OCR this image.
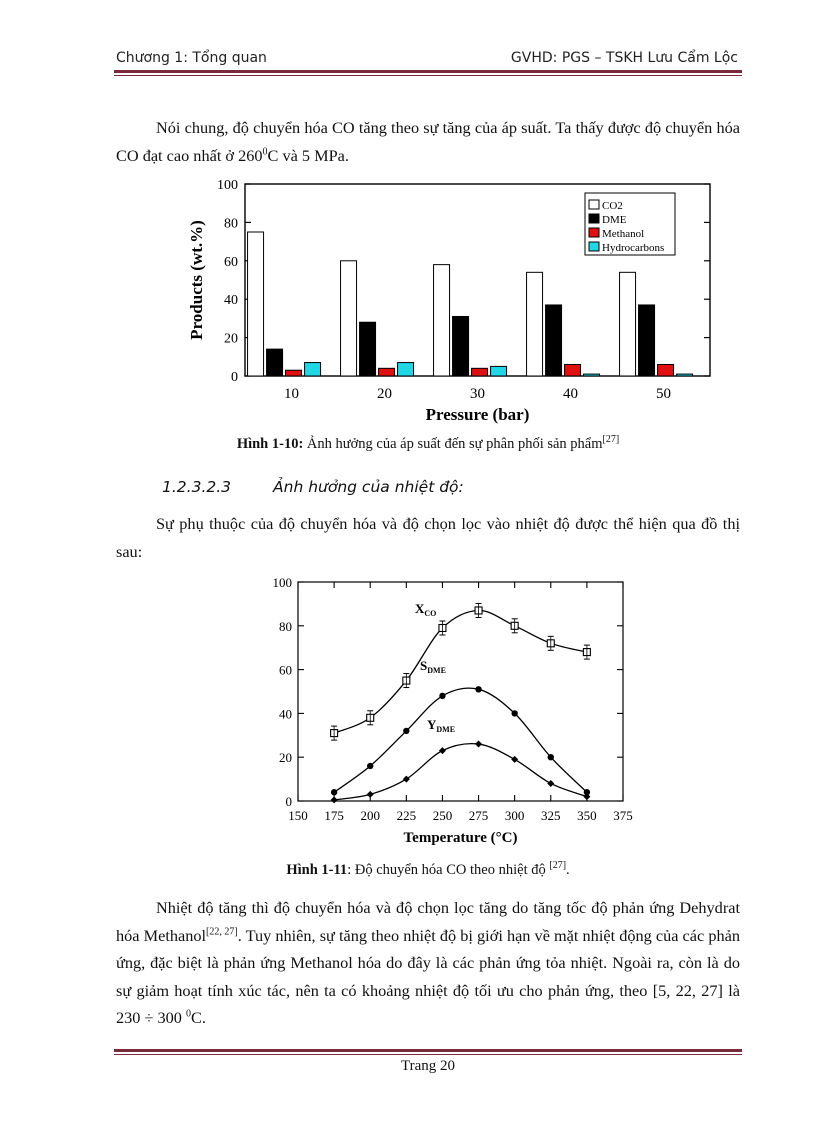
Chương 1: Tổng quan	GVHD: PGS – TSKH Lưu Cẩm Lộc

Nói chung, độ chuyển hóa CO tăng theo sự tăng của áp suất. Ta thấy được độ chuyển hóa CO đạt cao nhất ở $260^0C$ và 5 MPa.

0
20
40
60
80
100
10	20	30	40	50
Pressure (bar)
Products (wt.%)
CO2
DME
Methanol
Hydrocarbons
Hình 1-10: Ảnh hưởng của áp suất đến sự phân phối sản phẩm[27]
1.2.3.2.3	Ảnh hưởng của nhiệt độ:

Sự phụ thuộc của độ chuyển hóa và độ chọn lọc vào nhiệt độ được thể hiện qua đồ thị sau:

0
20
40
60
80
100
150 175 200 225 250 275 300 325 350 375
Temperature (°C)
$X_{CO}$
$S_{DME}$
$Y_{DME}$
Hình 1-11: Độ chuyển hóa CO theo nhiệt độ [27].

Nhiệt độ tăng thì độ chuyển hóa và độ chọn lọc tăng do tăng tốc độ phản ứng Dehydrat hóa Methanol[22, 27]. Tuy nhiên, sự tăng theo nhiệt độ bị giới hạn về mặt nhiệt động của các phản ứng, đặc biệt là phản ứng Methanol hóa do đây là các phản ứng tỏa nhiệt. Ngoài ra, còn là do sự giảm hoạt tính xúc tác, nên ta có khoảng nhiệt độ tối ưu cho phản ứng, theo [5, 22, 27] là 230 ÷ 300 $^0$C.

Trang 20
